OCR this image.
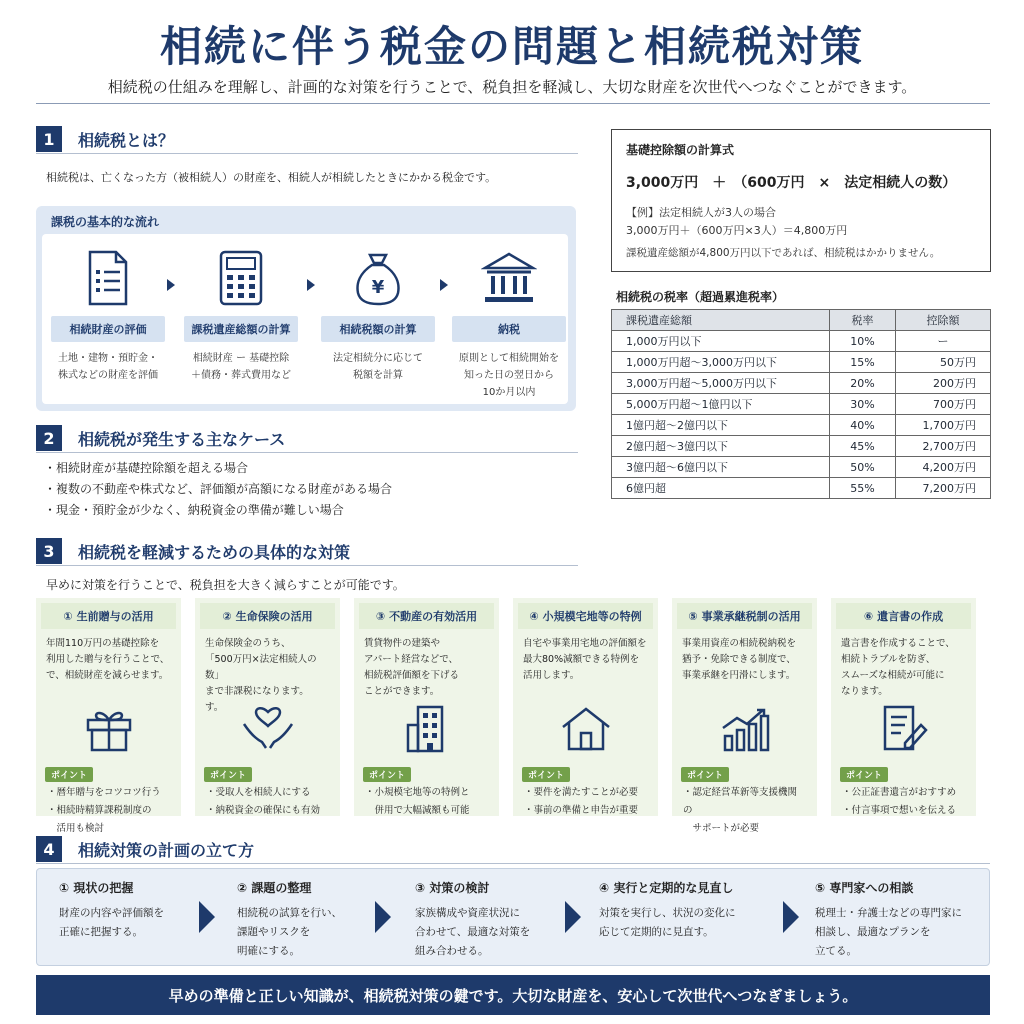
相続に伴う税金の問題と相続税対策
相続税の仕組みを理解し、計画的な対策を行うことで、税負担を軽減し、大切な財産を次世代へつなぐことができます。
1	相続税とは？
相続税は、亡くなった方（被相続人）の財産を、相続人が相続したときにかかる税金です。
課税の基本的な流れ
相続財産の評価
土地・建物・預貯金・
株式などの財産を評価
課税遺産総額の計算
相続財産 ー 基礎控除
＋債務・葬式費用など
¥
相続税額の計算
法定相続分に応じて
税額を計算
納税
原則として相続開始を
知った日の翌日から
10か月以内
基礎控除額の計算式
3,000万円　＋　（600万円　×　法定相続人の数）
【例】法定相続人が3人の場合
3,000万円＋（600万円×3人）＝4,800万円
課税遺産総額が4,800万円以下であれば、相続税はかかりません。
相続税の税率（超過累進税率）
課税遺産総額	税率	控除額
1,000万円以下	10%	ー
1,000万円超～3,000万円以下	15%	50万円
3,000万円超～5,000万円以下	20%	200万円
5,000万円超～1億円以下	30%	700万円
1億円超～2億円以下	40%	1,700万円
2億円超～3億円以下	45%	2,700万円
3億円超～6億円以下	50%	4,200万円
6億円超	55%	7,200万円
2	相続税が発生する主なケース
・相続財産が基礎控除額を超える場合
・複数の不動産や株式など、評価額が高額になる財産がある場合
・現金・預貯金が少なく、納税資金の準備が難しい場合
3	相続税を軽減するための具体的な対策
早めに対策を行うことで、税負担を大きく減らすことが可能です。
① 生前贈与の活用
年間110万円の基礎控除を
利用した贈与を行うことで、
で、相続財産を減らせます。
ポイント
・暦年贈与をコツコツ行う
・相続時精算課税制度の
　活用も検討
② 生命保険の活用
生命保険金のうち、
「500万円×法定相続人の数」
まで非課税になります。
す。
ポイント
・受取人を相続人にする
・納税資金の確保にも有効
③ 不動産の有効活用
賃貸物件の建築や
アパート経営などで、
相続税評価額を下げる
ことができます。
ポイント
・小規模宅地等の特例と
　併用で大幅減額も可能
④ 小規模宅地等の特例
自宅や事業用宅地の評価額を
最大80%減額できる特例を
活用します。
ポイント
・要件を満たすことが必要
・事前の準備と申告が重要
⑤ 事業承継税制の活用
事業用資産の相続税納税を
猶予・免除できる制度で、
事業承継を円滑にします。
ポイント
・認定経営革新等支援機関の
　サポートが必要
⑥ 遺言書の作成
遺言書を作成することで、
相続トラブルを防ぎ、
スムーズな相続が可能に
なります。
ポイント
・公正証書遺言がおすすめ
・付言事項で想いを伝える
4	相続対策の計画の立て方
① 現状の把握
財産の内容や評価額を
正確に把握する。
② 課題の整理
相続税の試算を行い、
課題やリスクを
明確にする。
③ 対策の検討
家族構成や資産状況に
合わせて、最適な対策を
組み合わせる。
④ 実行と定期的な見直し
対策を実行し、状況の変化に
応じて定期的に見直す。
⑤ 専門家への相談
税理士・弁護士などの専門家に
相談し、最適なプランを
立てる。
早めの準備と正しい知識が、相続税対策の鍵です。大切な財産を、安心して次世代へつなぎましょう。
